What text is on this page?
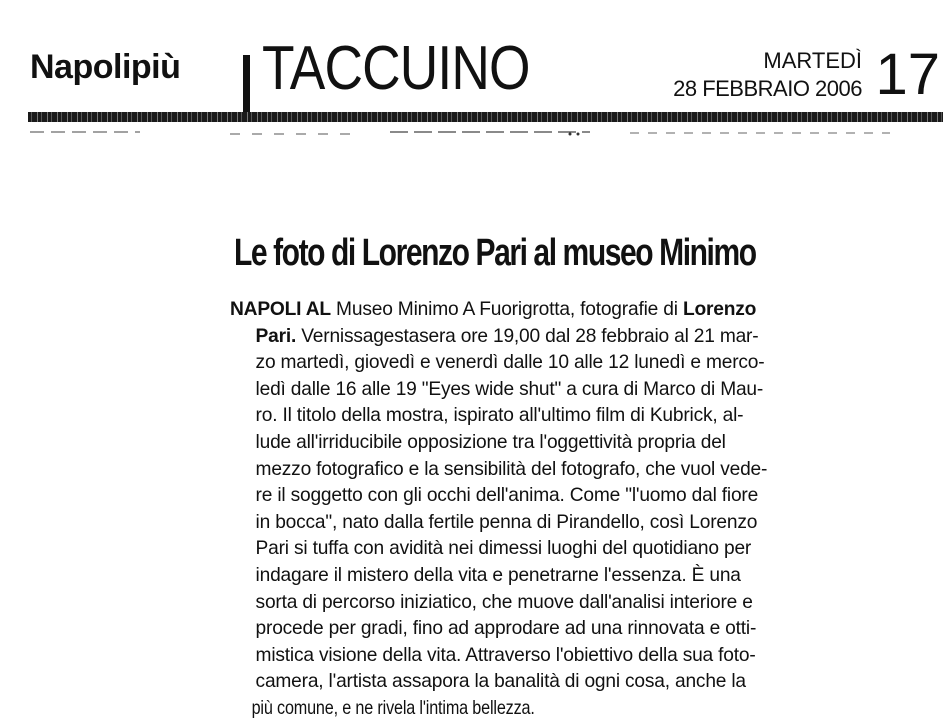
Napolipiù TACCUINO	MARTEDÌ
28 FEBBRAIO 2006 17
Le foto di Lorenzo Pari al museo Minimo
NAPOLI AL Museo Minimo A Fuorigrotta, fotografie di Lorenzo
Pari. Vernissagestasera ore 19,00 dal 28 febbraio al 21 mar-
zo martedì, giovedì e venerdì dalle 10 alle 12 lunedì e merco-
ledì dalle 16 alle 19 "Eyes wide shut" a cura di Marco di Mau-
ro. Il titolo della mostra, ispirato all'ultimo film di Kubrick, al-
lude all'irriducibile opposizione tra l'oggettività propria del
mezzo fotografico e la sensibilità del fotografo, che vuol vede-
re il soggetto con gli occhi dell'anima. Come "l'uomo dal fiore
in bocca", nato dalla fertile penna di Pirandello, così Lorenzo
Pari si tuffa con avidità nei dimessi luoghi del quotidiano per
indagare il mistero della vita e penetrarne l'essenza. È una
sorta di percorso iniziatico, che muove dall'analisi interiore e
procede per gradi, fino ad approdare ad una rinnovata e otti-
mistica visione della vita. Attraverso l'obiettivo della sua foto-
camera, l'artista assapora la banalità di ogni cosa, anche la
più comune, e ne rivela l'intima bellezza.
